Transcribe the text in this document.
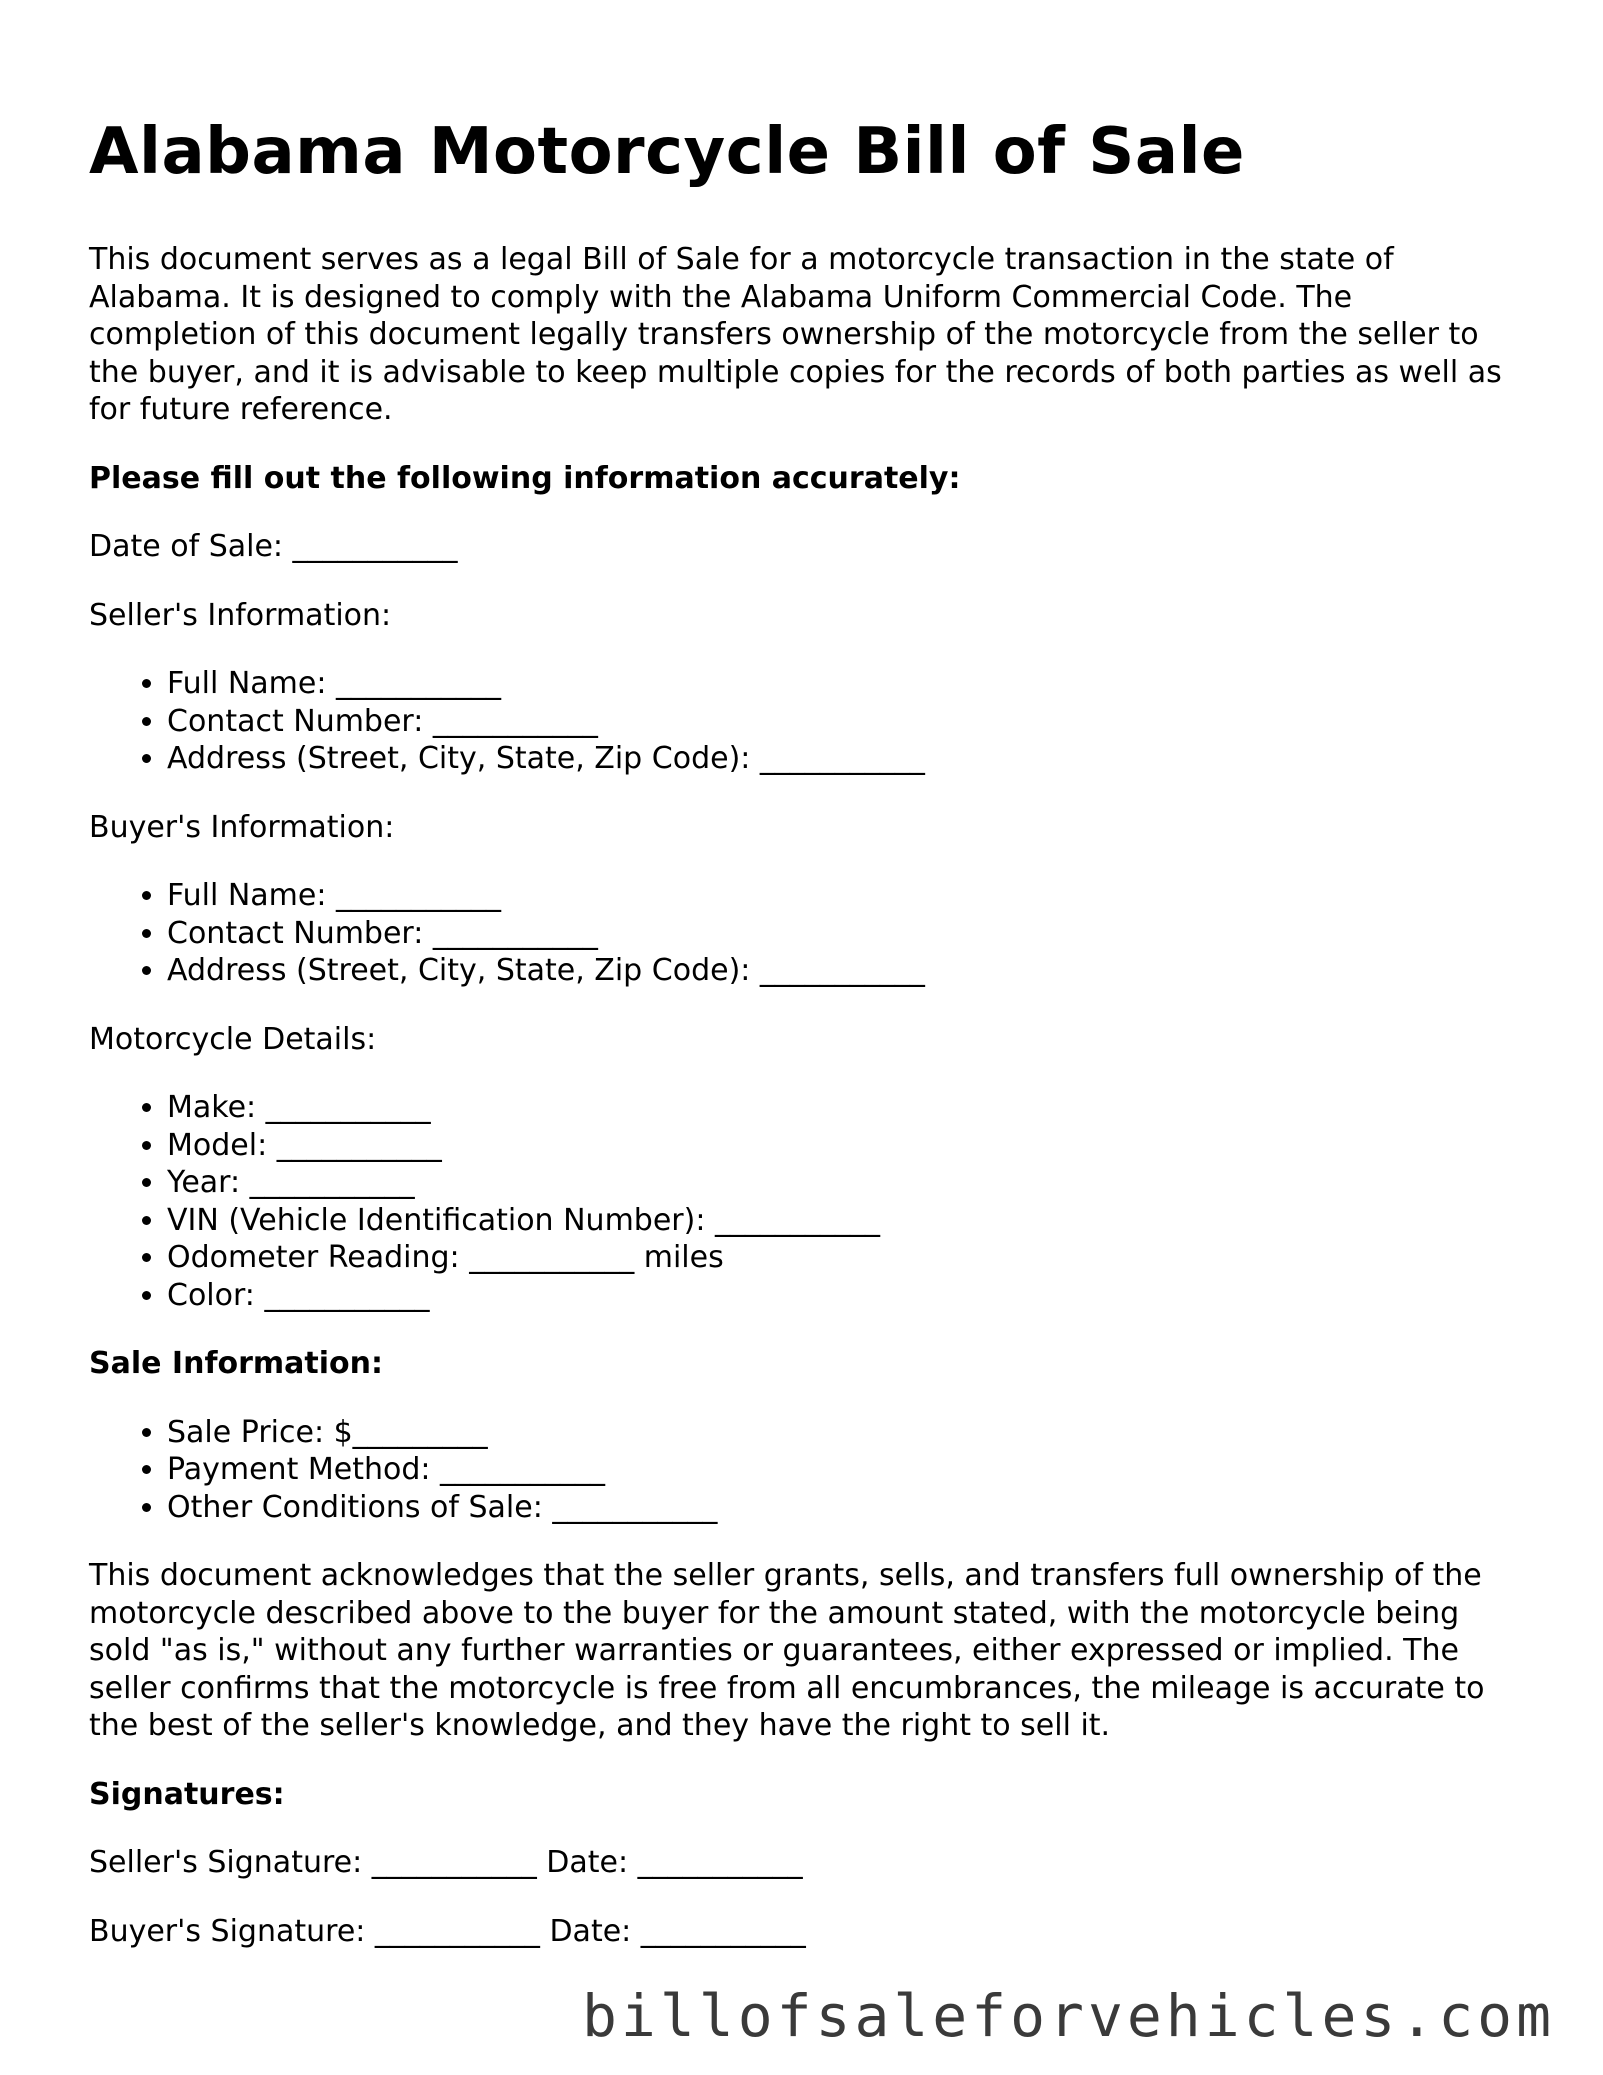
Alabama Motorcycle Bill of Sale

This document serves as a legal Bill of Sale for a motorcycle transaction in the state of Alabama. It is designed to comply with the Alabama Uniform Commercial Code. The completion of this document legally transfers ownership of the motorcycle from the seller to the buyer, and it is advisable to keep multiple copies for the records of both parties as well as for future reference.

Please fill out the following information accurately:

Date of Sale: ___________

Seller's Information:

• Full Name: ___________
• Contact Number: ___________
• Address (Street, City, State, Zip Code): ___________

Buyer's Information:

• Full Name: ___________
• Contact Number: ___________
• Address (Street, City, State, Zip Code): ___________

Motorcycle Details:

• Make: ___________
• Model: ___________
• Year: ___________
• VIN (Vehicle Identification Number): ___________
• Odometer Reading: ___________ miles
• Color: ___________

Sale Information:

• Sale Price: $_________
• Payment Method: ___________
• Other Conditions of Sale: ___________

This document acknowledges that the seller grants, sells, and transfers full ownership of the motorcycle described above to the buyer for the amount stated, with the motorcycle being sold "as is," without any further warranties or guarantees, either expressed or implied. The seller confirms that the motorcycle is free from all encumbrances, the mileage is accurate to the best of the seller's knowledge, and they have the right to sell it.

Signatures:

Seller's Signature: ___________ Date: ___________

Buyer's Signature: ___________ Date: ___________

billofsaleforvehicles.com
